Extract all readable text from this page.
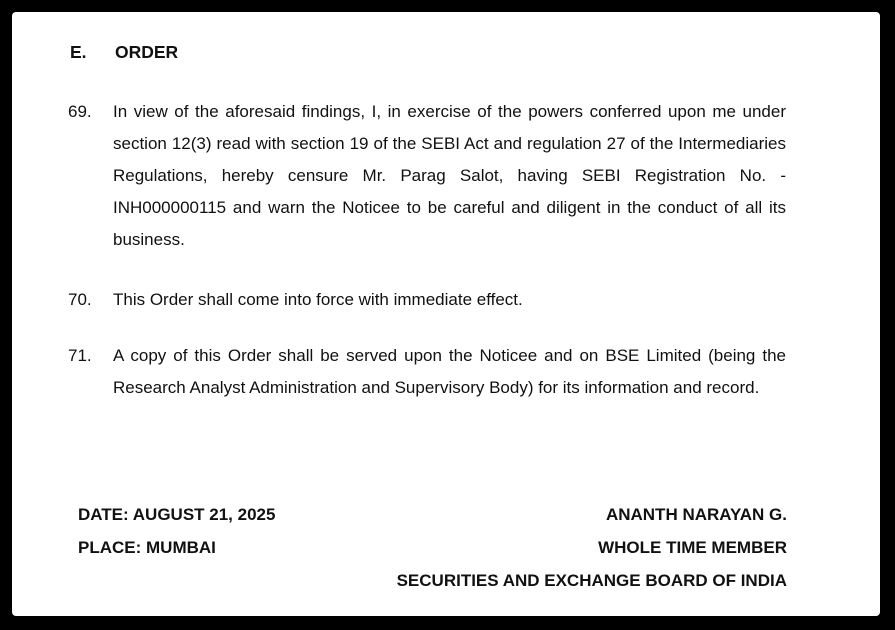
E.	ORDER
69.	In view of the aforesaid findings, I, in exercise of the powers conferred upon me under section 12(3) read with section 19 of the SEBI Act and regulation 27 of the Intermediaries Regulations, hereby censure Mr. Parag Salot, having SEBI Registration No. - INH000000115 and warn the Noticee to be careful and diligent in the conduct of all its business.
70.	This Order shall come into force with immediate effect.
71.	A copy of this Order shall be served upon the Noticee and on BSE Limited (being the Research Analyst Administration and Supervisory Body) for its information and record.
DATE: AUGUST 21, 2025
PLACE: MUMBAI
ANANTH NARAYAN G.
WHOLE TIME MEMBER
SECURITIES AND EXCHANGE BOARD OF INDIA
